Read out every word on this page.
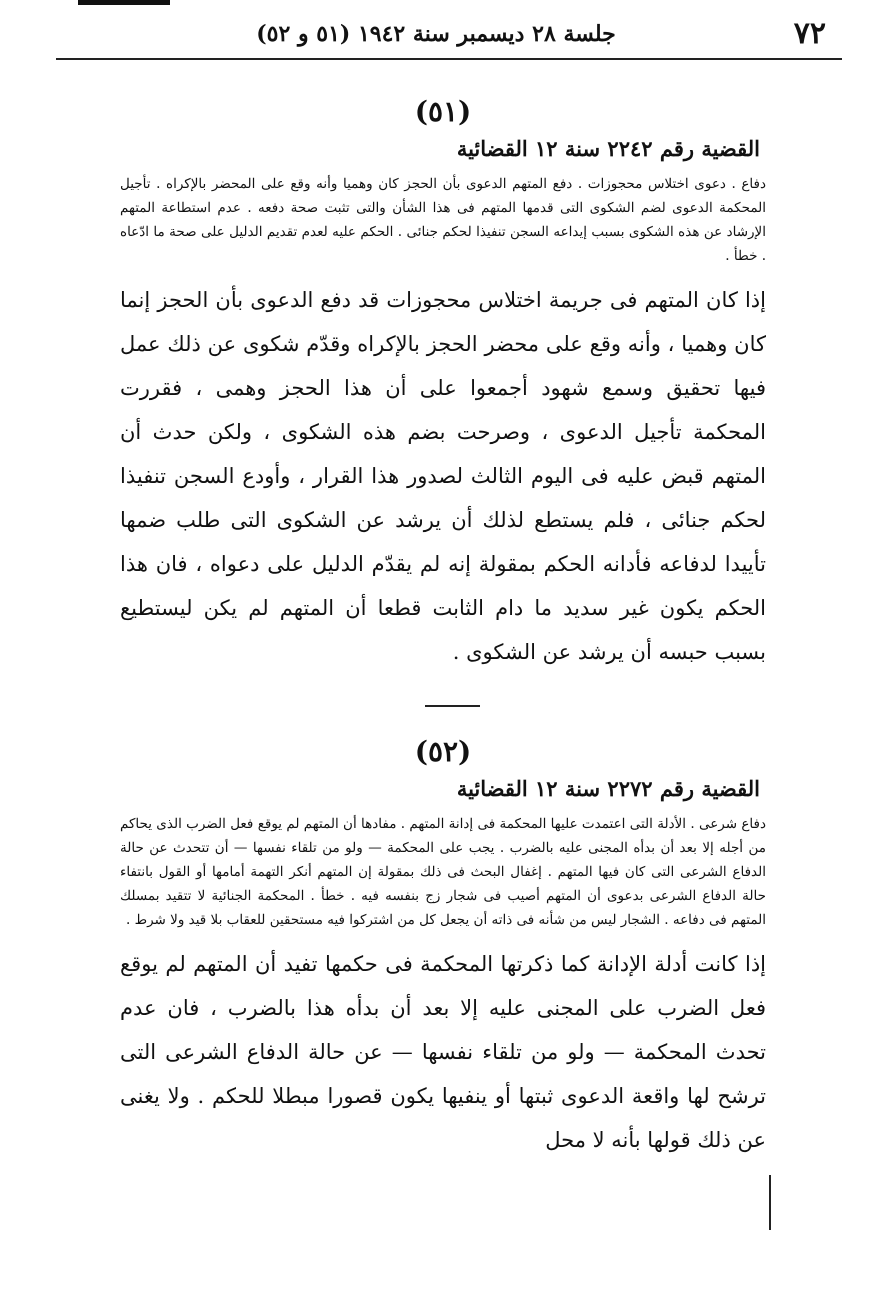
٧٢
جلسة ٢٨ ديسمبر سنة ١٩٤٢ (٥١ و ٥٢)
(٥١)
القضية رقم ٢٢٤٢ سنة ١٢ القضائية
دفاع . دعوى اختلاس محجوزات . دفع المتهم الدعوى بأن الحجز كان وهميا وأنه وقع على المحضر بالإكراه . تأجيل المحكمة الدعوى لضم الشكوى التى قدمها المتهم فى هذا الشأن والتى تثبت صحة دفعه . عدم استطاعة المتهم الإرشاد عن هذه الشكوى بسبب إيداعه السجن تنفيذا لحكم جنائى . الحكم عليه لعدم تقديم الدليل على صحة ما ادّعاه . خطأ .
إذا كان المتهم فى جريمة اختلاس محجوزات قد دفع الدعوى بأن الحجز إنما كان وهميا ، وأنه وقع على محضر الحجز بالإكراه وقدّم شكوى عن ذلك عمل فيها تحقيق وسمع شهود أجمعوا على أن هذا الحجز وهمى ، فقررت المحكمة تأجيل الدعوى ، وصرحت بضم هذه الشكوى ، ولكن حدث أن المتهم قبض عليه فى اليوم الثالث لصدور هذا القرار ، وأودع السجن تنفيذا لحكم جنائى ، فلم يستطع لذلك أن يرشد عن الشكوى التى طلب ضمها تأييدا لدفاعه فأدانه الحكم بمقولة إنه لم يقدّم الدليل على دعواه ، فان هذا الحكم يكون غير سديد ما دام الثابت قطعا أن المتهم لم يكن ليستطيع بسبب حبسه أن يرشد عن الشكوى .
(٥٢)
القضية رقم ٢٢٧٢ سنة ١٢ القضائية
دفاع شرعى . الأدلة التى اعتمدت عليها المحكمة فى إدانة المتهم . مفادها أن المتهم لم يوقع فعل الضرب الذى يحاكم من أجله إلا بعد أن بدأه المجنى عليه بالضرب . يجب على المحكمة — ولو من تلقاء نفسها — أن تتحدث عن حالة الدفاع الشرعى التى كان فيها المتهم . إغفال البحث فى ذلك بمقولة إن المتهم أنكر التهمة أمامها أو القول بانتفاء حالة الدفاع الشرعى بدعوى أن المتهم أصيب فى شجار زج بنفسه فيه . خطأ . المحكمة الجنائية لا تتقيد بمسلك المتهم فى دفاعه . الشجار ليس من شأنه فى ذاته أن يجعل كل من اشتركوا فيه مستحقين للعقاب بلا قيد ولا شرط .
إذا كانت أدلة الإدانة كما ذكرتها المحكمة فى حكمها تفيد أن المتهم لم يوقع فعل الضرب على المجنى عليه إلا بعد أن بدأه هذا بالضرب ، فان عدم تحدث المحكمة — ولو من تلقاء نفسها — عن حالة الدفاع الشرعى التى ترشح لها واقعة الدعوى ثبتها أو ينفيها يكون قصورا مبطلا للحكم . ولا يغنى عن ذلك قولها بأنه لا محل
